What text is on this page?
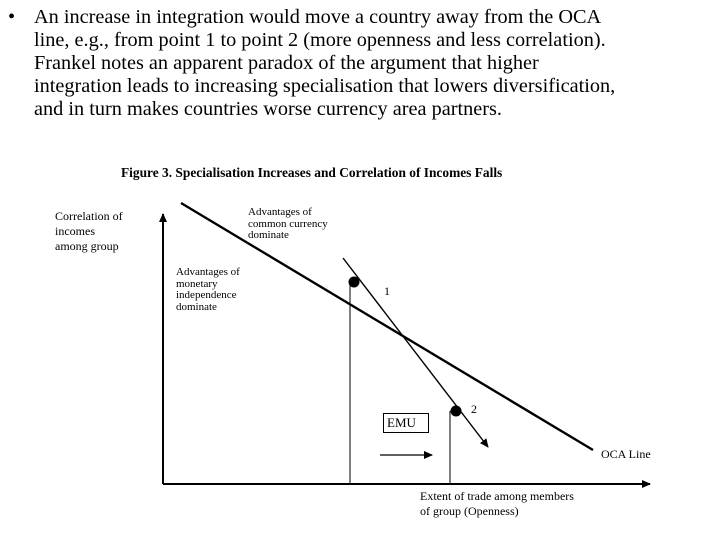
• An increase in integration would move a country away from the OCA
line, e.g., from point 1 to point 2 (more openness and less correlation).
Frankel notes an apparent paradox of the argument that higher
integration leads to increasing specialisation that lowers diversification,
and in turn makes countries worse currency area partners.
Figure 3. Specialisation Increases and Correlation of Incomes Falls
Correlation of
incomes
among group
Advantages of
common currency
dominate
Advantages of
monetary
independence
dominate
1
2
EMU
OCA Line
Extent of trade among members
of group (Openness)
